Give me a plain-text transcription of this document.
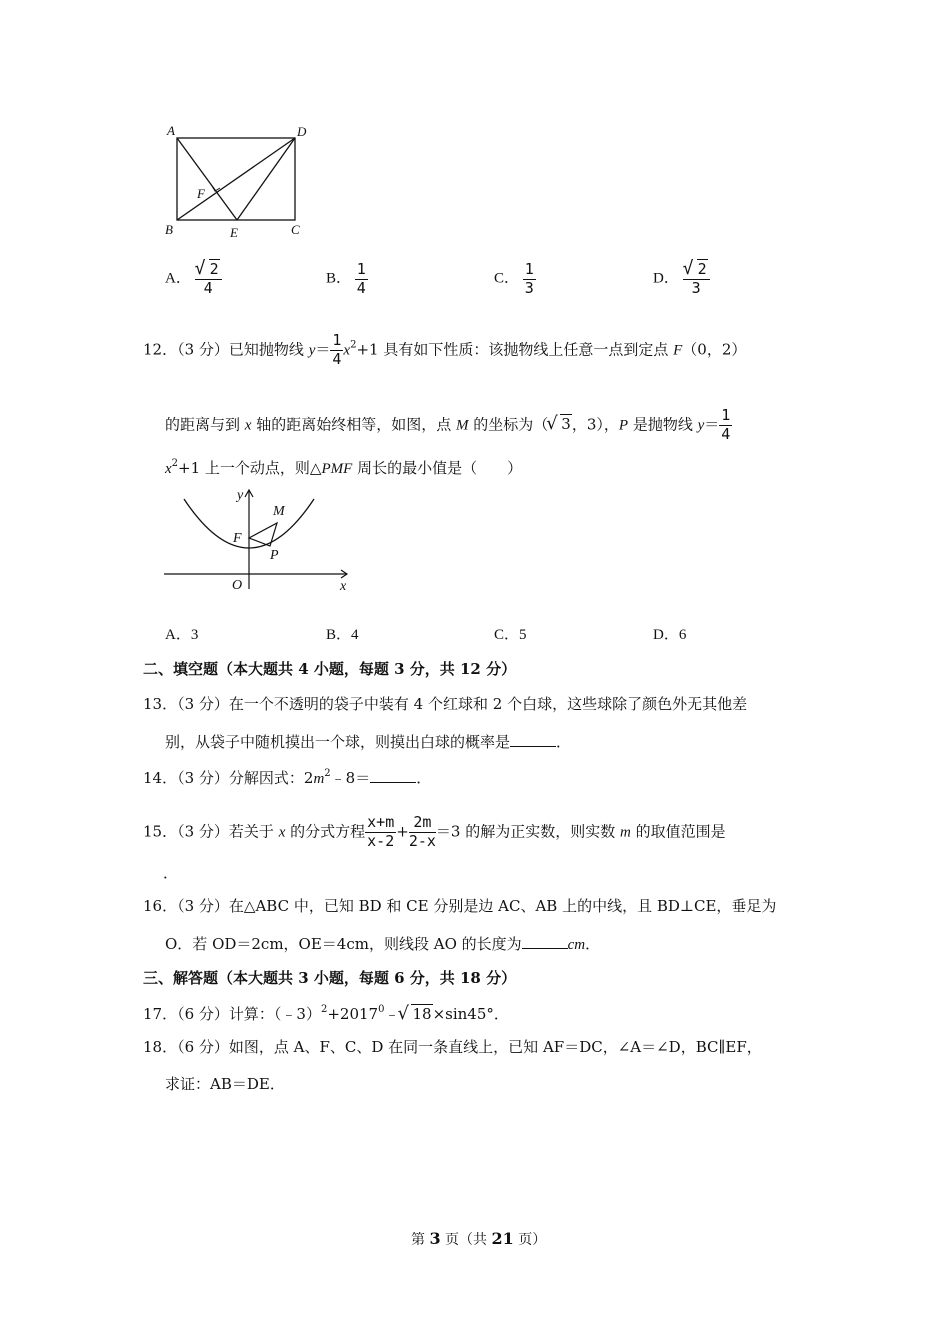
A	D
B	E	C
F
A．
√ $\frac{2}{4}$	B． $\frac{1}{4}$	C． $\frac{1}{3}$	D．
√ $\frac{2}{3}$
12．（3 分）已知抛物线 $y= \frac{1}{4} x^2+1$ 具有如下性质：该抛物线上任意一点到定点 F（0，2）
的距离与到 x 轴的距离始终相等，如图，点 M 的坐标为（√ 3，3），P 是抛物线 $y= \frac{1}{4}$
$x^2+1$ 上一个动点，则△PMF 周长的最小值是（　　）
y
M
F
P
O	x
A．3	B．4	C．5	D．6
二、填空题（本大题共 4 小题，每题 3 分，共 12 分）
13．（3 分）在一个不透明的袋子中装有 4 个红球和 2 个白球，这些球除了颜色外无其他差
别，从袋子中随机摸出一个球，则摸出白球的概率是	．
14．（3 分）分解因式：$2m^2﹣8=$	．
15．（3 分）若关于 x 的分式方程 $\frac{x+m}{x-2} + \frac{2m}{2-x} =3$ 的解为正实数，则实数 m 的取值范围是
．
16．（3 分）在△ABC 中，已知 BD 和 CE 分别是边 AC、AB 上的中线，且 BD⊥CE，垂足为
O．若 OD＝2cm，OE＝4cm，则线段 AO 的长度为	cm．
三、解答题（本大题共 3 小题，每题 6 分，共 18 分）
17．（6 分）计算：$(﹣3)^2+2017^0﹣√$ 18×sin45°．
18．（6 分）如图，点 A、F、C、D 在同一条直线上，已知 AF＝DC，∠A＝∠D，BC∥EF，
求证：AB＝DE．
第 3 页（共 21 页）
